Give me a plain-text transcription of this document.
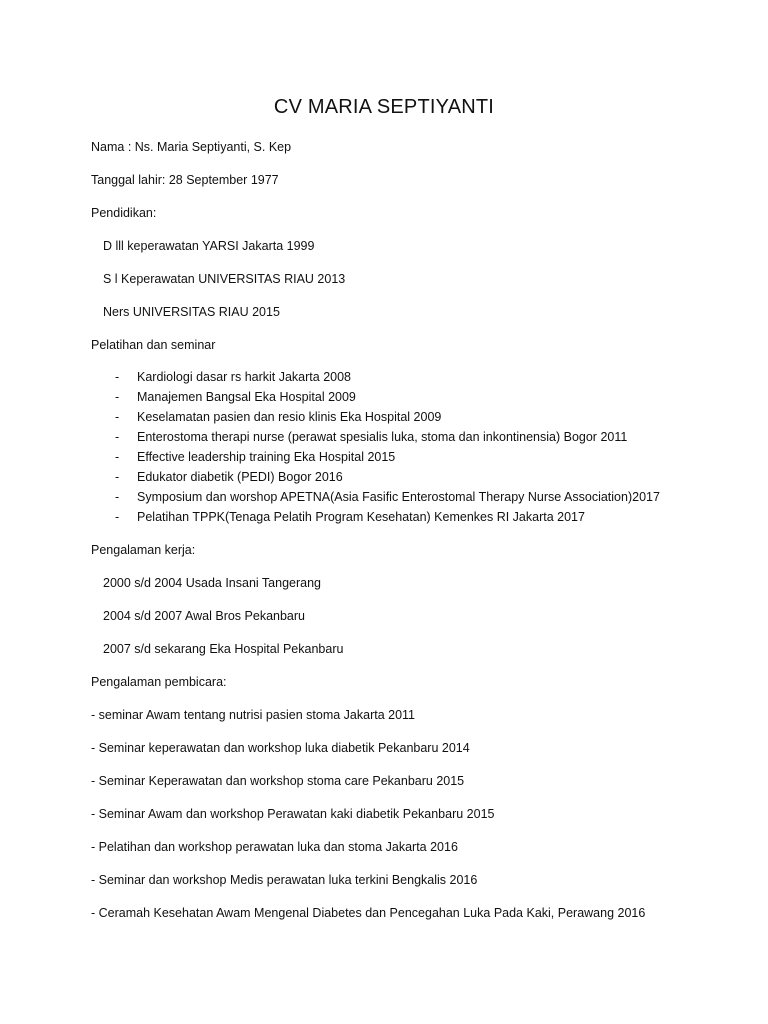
CV MARIA SEPTIYANTI
Nama : Ns. Maria Septiyanti, S. Kep
Tanggal lahir: 28 September 1977
Pendidikan:
D lll keperawatan YARSI Jakarta 1999
S l Keperawatan UNIVERSITAS RIAU 2013
Ners UNIVERSITAS RIAU 2015
Pelatihan dan seminar
- Kardiologi dasar rs harkit Jakarta 2008
- Manajemen Bangsal Eka Hospital 2009
- Keselamatan pasien dan resio klinis Eka Hospital 2009
- Enterostoma therapi nurse (perawat spesialis luka, stoma dan inkontinensia) Bogor 2011
- Effective leadership training Eka Hospital 2015
- Edukator diabetik (PEDI) Bogor 2016
- Symposium dan worshop APETNA(Asia Fasific Enterostomal Therapy Nurse Association)2017
- Pelatihan TPPK(Tenaga Pelatih Program Kesehatan) Kemenkes RI Jakarta 2017
Pengalaman kerja:
2000 s/d 2004 Usada Insani Tangerang
2004 s/d 2007 Awal Bros Pekanbaru
2007 s/d sekarang Eka Hospital Pekanbaru
Pengalaman pembicara:
- seminar Awam tentang nutrisi pasien stoma Jakarta 2011
- Seminar keperawatan dan workshop luka diabetik Pekanbaru 2014
- Seminar Keperawatan dan workshop stoma care Pekanbaru 2015
- Seminar Awam dan workshop Perawatan kaki diabetik Pekanbaru 2015
- Pelatihan dan workshop perawatan luka dan stoma Jakarta 2016
- Seminar dan workshop Medis perawatan luka terkini Bengkalis 2016
- Ceramah Kesehatan Awam Mengenal Diabetes dan Pencegahan Luka Pada Kaki, Perawang 2016
